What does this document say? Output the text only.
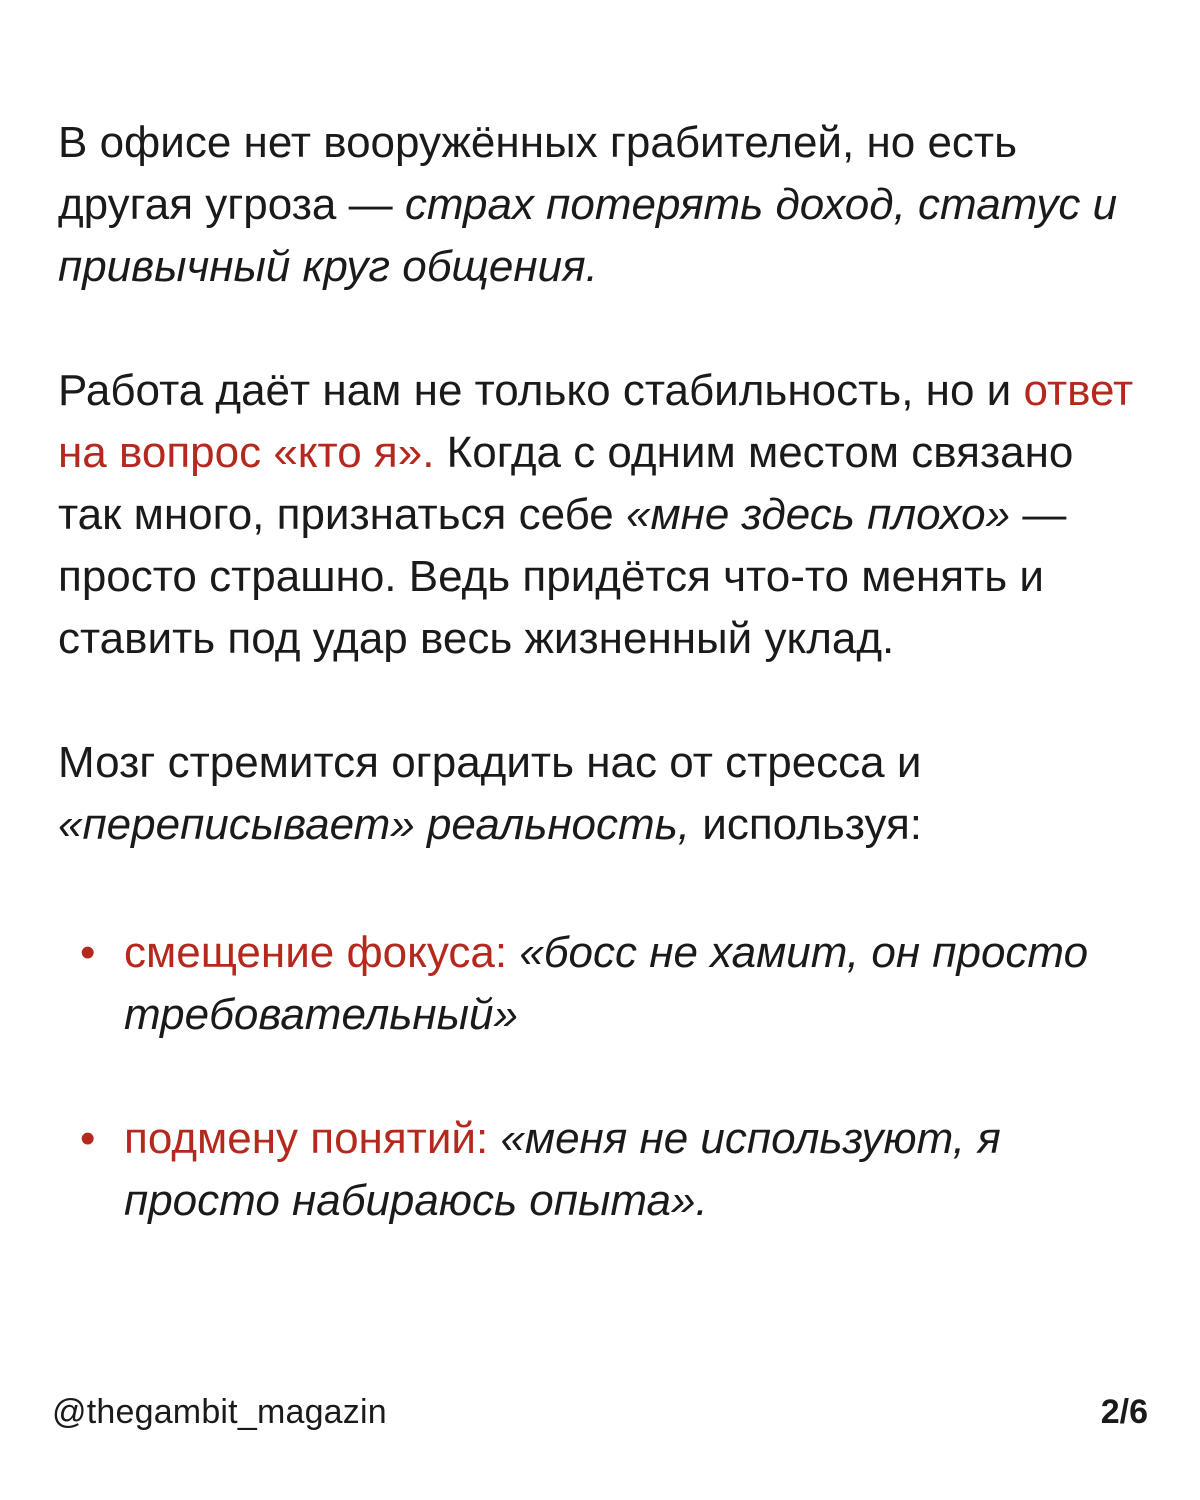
В офисе нет вооружённых грабителей, но есть другая угроза — страх потерять доход, статус и привычный круг общения.

Работа даёт нам не только стабильность, но и ответ на вопрос «кто я». Когда с одним местом связано так много, признаться себе «мне здесь плохо» — просто страшно. Ведь придётся что-то менять и ставить под удар весь жизненный уклад.

Мозг стремится оградить нас от стресса и «переписывает» реальность, используя:

• смещение фокуса: «босс не хамит, он просто требовательный»
• подмену понятий: «меня не используют, я просто набираюсь опыта».
@thegambit_magazin	2/6
